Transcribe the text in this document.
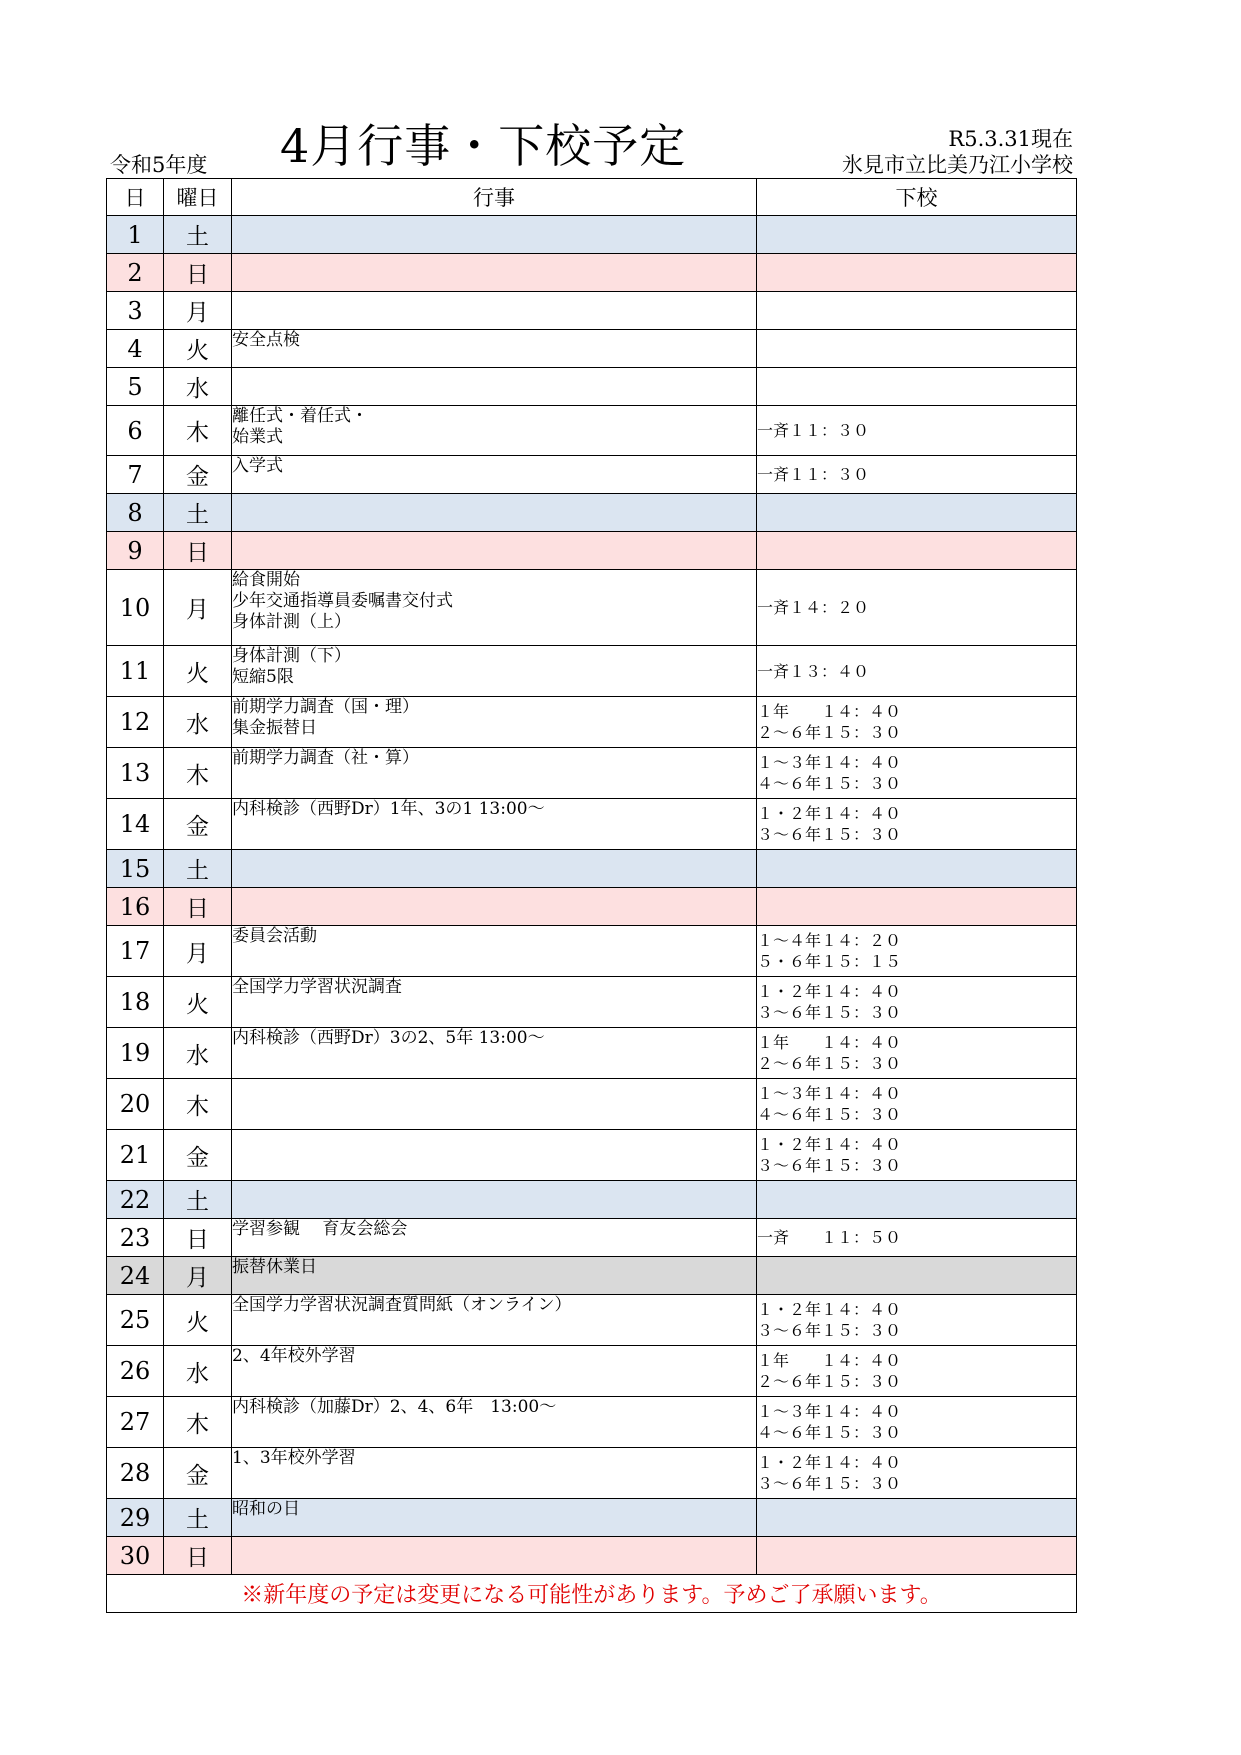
令和5年度 4月行事・下校予定	R5.3.31現在
氷見市立比美乃江小学校
日	曜日	行事	下校
1	土		
2	日		
3	月		
4	火	安全点検	

5	水		
6	木	離任式・着任式・
始業式	一斉１１：３０

7	金	入学式	一斉１１：３０

8	土		
9	日		
10	月	給食開始
少年交通指導員委嘱書交付式
身体計測（上）	一斉１４：２０

11	火	身体計測（下）
短縮5限	一斉１３：４０

12	水	前期学力調査（国・理）
集金振替日	１年　　１４：４０
２～６年１５：３０

13	木	前期学力調査（社・算）	１～３年１４：４０
４～６年１５：３０

14	金	内科検診（西野Dr）1年、3の1 13:00～	１・２年１４：４０
３～６年１５：３０

15	土		
16	日		
17	月	委員会活動	１～４年１４：２０
５・６年１５：１５

18	火	全国学力学習状況調査	１・２年１４：４０
３～６年１５：３０

19	水	内科検診（西野Dr）3の2、5年 13:00～	１年　　１４：４０
２～６年１５：３０

20	木		１～３年１４：４０
４～６年１５：３０

21	金		１・２年１４：４０
３～６年１５：３０

22	土		
23	日	学習参観　 育友会総会	一斉　　１１：５０

24	月	振替休業日	

25	火	全国学力学習状況調査質問紙（オンライン）	１・２年１４：４０
３～６年１５：３０

26	水	2、4年校外学習	１年　　１４：４０
２～６年１５：３０

27	木	内科検診（加藤Dr）2、4、6年　13:00～	１～３年１４：４０
４～６年１５：３０

28	金	1、3年校外学習	１・２年１４：４０
３～６年１５：３０

29	土	昭和の日	

30	日		
※新年度の予定は変更になる可能性があります。予めご了承願います。			
